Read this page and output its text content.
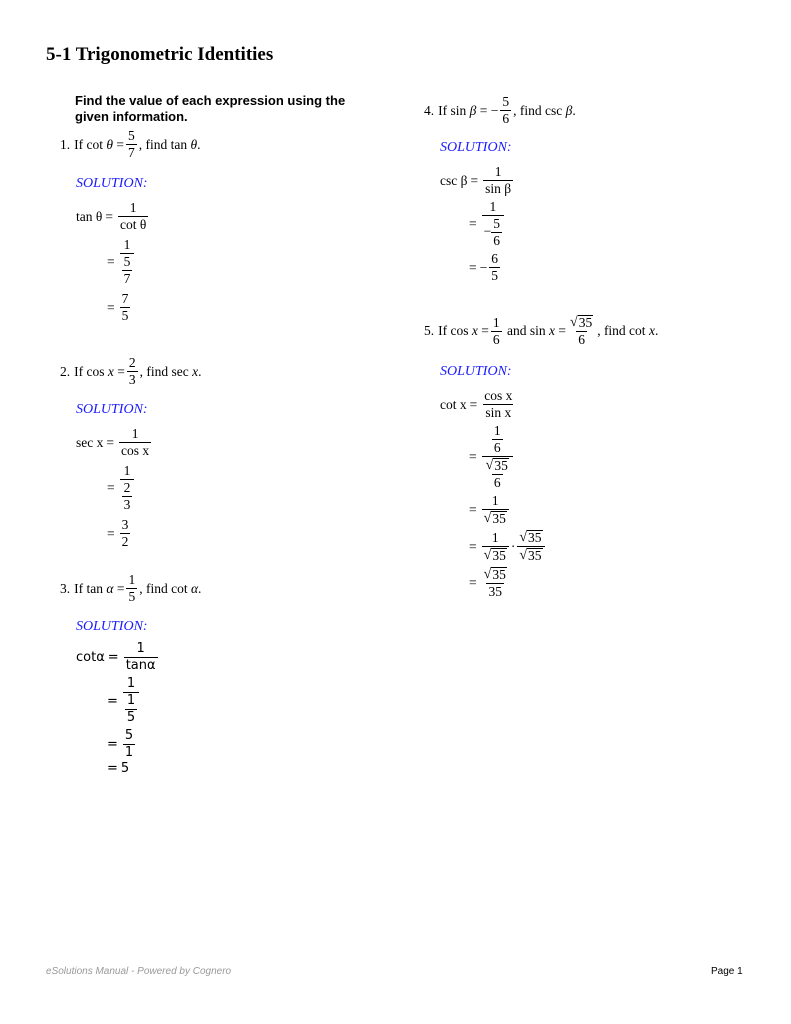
5-1 Trigonometric Identities
Find the value of each expression using the given information.
1. If cot
θ
= $\frac{5}{7}$ , find tan
θ .
SOLUTION:
$\tan \theta = \frac{1}{\text{cot θ}}$
= $\frac{1}{\frac{5}{7}}$
= $\frac{7}{5}$
2. If cos
x
= $\frac{2}{3}$ , find sec
x .
SOLUTION:
$\sec x = \frac{1}{\text{cos x}}$
= $\frac{1}{\frac{2}{3}}$
= $\frac{3}{2}$
3. If tan
α
= $\frac{1}{5}$ , find cot
α .
SOLUTION:
$\cot\alpha = \frac{1}{\tan\alpha}$
= $\frac{1}{\frac{1}{5}}$
= $\frac{5}{1}$
= 5
4. If sin
β
=
− $\frac{5}{6}$ , find csc
β .
SOLUTION:
$\csc \beta = \frac{1}{\text{sin β}}$
= $\frac{1}{- \frac{5}{6}}$
= − $\frac{6}{5}$
5. If cos
x
= $\frac{1}{6}$
and sin
x
= $\frac{√ 35}{6}$ , find cot
x .
SOLUTION:
$\cot x = \frac{\text{cos x}}{\text{sin x}}$
= $\frac{\frac{1}{6}}{\frac{√ 35}{6}}$
= $\frac{1}{√ 35}$
= $\frac{1}{√ 35} \cdot \frac{√ 35}{√ 35}$
= $\frac{√ 35}{35}$
eSolutions Manual - Powered by Cognero	Page 1
